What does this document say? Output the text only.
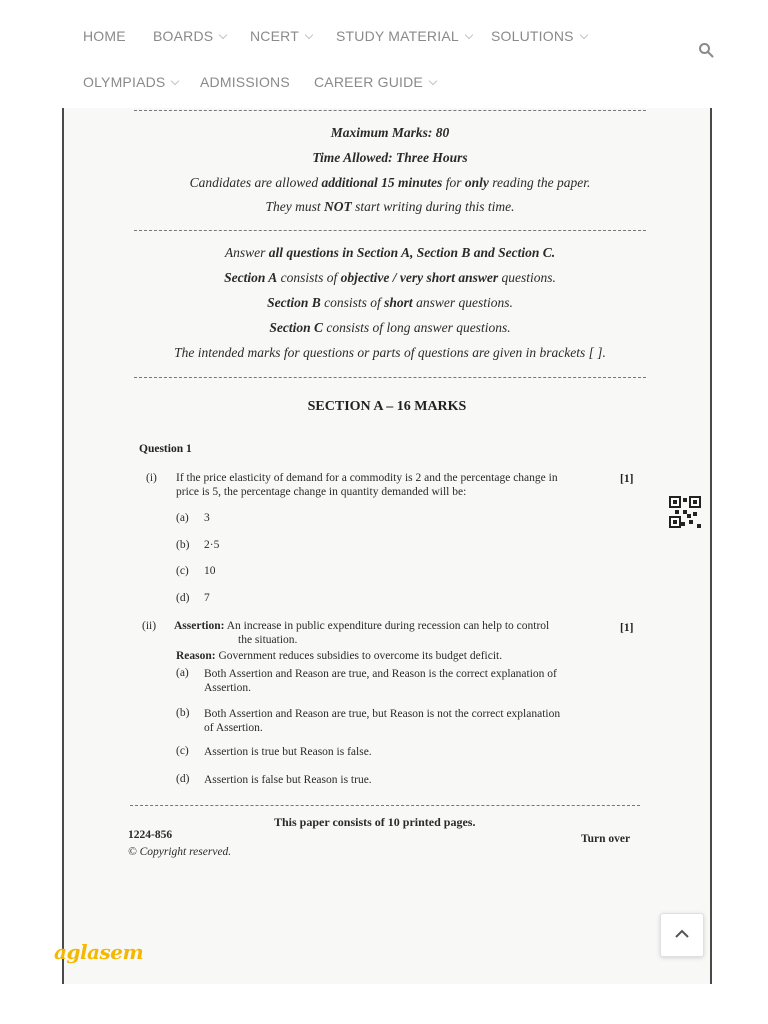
HOME BOARDS	NCERT	STUDY MATERIAL	SOLUTIONS
OLYMPIADS	ADMISSIONS CAREER GUIDE
Maximum Marks: 80
Time Allowed: Three Hours
Candidates are allowed additional 15 minutes for only reading the paper.
They must NOT start writing during this time.
Answer all questions in Section A, Section B and Section C.
Section A consists of objective / very short answer questions.
Section B consists of short answer questions.
Section C consists of long answer questions.
The intended marks for questions or parts of questions are given in brackets [ ].
SECTION A – 16 MARKS
Question 1
(i) If the price elasticity of demand for a commodity is 2 and the percentage change in
price is 5, the percentage change in quantity demanded will be:
[1]
(a) 3
(b) 2·5
(c) 10
(d) 7
(ii) Assertion: An increase in public expenditure during recession can help to control
the situation.
[1]
Reason: Government reduces subsidies to overcome its budget deficit.
(a) Both Assertion and Reason are true, and Reason is the correct explanation of
Assertion.
(b) Both Assertion and Reason are true, but Reason is not the correct explanation
of Assertion.
(c) Assertion is true but Reason is false.
(d) Assertion is false but Reason is true.
This paper consists of 10 printed pages.
1224-856	Turn over
© Copyright reserved.
aglasem
